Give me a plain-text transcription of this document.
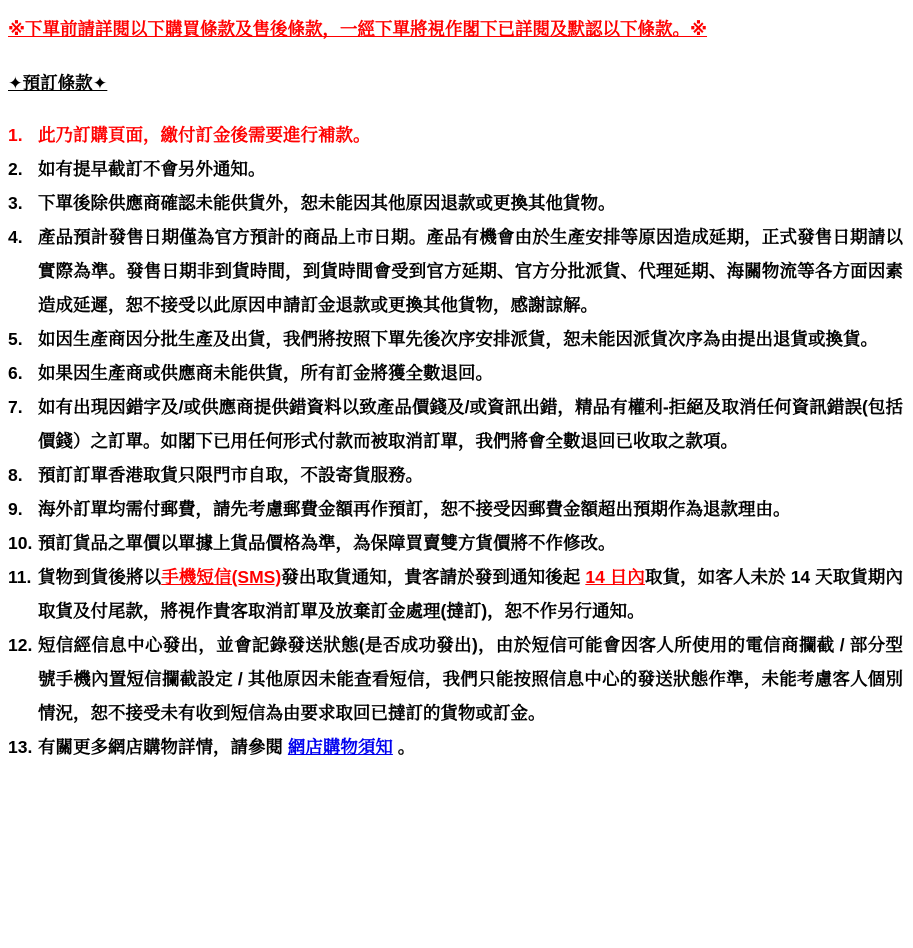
※下單前請詳閱以下購買條款及售後條款，一經下單將視作閣下已詳閱及默認以下條款。※
✦預訂條款✦
1. 此乃訂購頁面，繳付訂金後需要進行補款。
2. 如有提早截訂不會另外通知。
3. 下單後除供應商確認未能供貨外，恕未能因其他原因退款或更換其他貨物。
4. 產品預計發售日期僅為官方預計的商品上市日期。產品有機會由於生產安排等原因造成延期，正式發售日期請以實際為準。發售日期非到貨時間，到貨時間會受到官方延期、官方分批派貨、代理延期、海關物流等各方面因素造成延遲，恕不接受以此原因申請訂金退款或更換其他貨物，感謝諒解。
5. 如因生產商因分批生產及出貨，我們將按照下單先後次序安排派貨，恕未能因派貨次序為由提出退貨或換貨。
6. 如果因生產商或供應商未能供貨，所有訂金將獲全數退回。
7. 如有出現因錯字及/或供應商提供錯資料以致產品價錢及/或資訊出錯，精品有權利-拒絕及取消任何資訊錯誤(包括價錢）之訂單。如閣下已用任何形式付款而被取消訂單，我們將會全數退回已收取之款項。
8. 預訂訂單香港取貨只限門市自取，不設寄貨服務。
9. 海外訂單均需付郵費，請先考慮郵費金額再作預訂，恕不接受因郵費金額超出預期作為退款理由。
10. 預訂貨品之單價以單據上貨品價格為準，為保障買賣雙方貨價將不作修改。
11. 貨物到貨後將以手機短信(SMS)發出取貨通知，貴客請於發到通知後起 14 日內取貨，如客人未於 14 天取貨期內取貨及付尾款，將視作貴客取消訂單及放棄訂金處理(撻訂)，恕不作另行通知。
12. 短信經信息中心發出，並會記錄發送狀態(是否成功發出)，由於短信可能會因客人所使用的電信商攔截 / 部分型號手機內置短信攔截設定 / 其他原因未能查看短信，我們只能按照信息中心的發送狀態作準，未能考慮客人個別情況，恕不接受未有收到短信為由要求取回已撻訂的貨物或訂金。
13. 有關更多網店購物詳情，請參閱 網店購物須知 。
